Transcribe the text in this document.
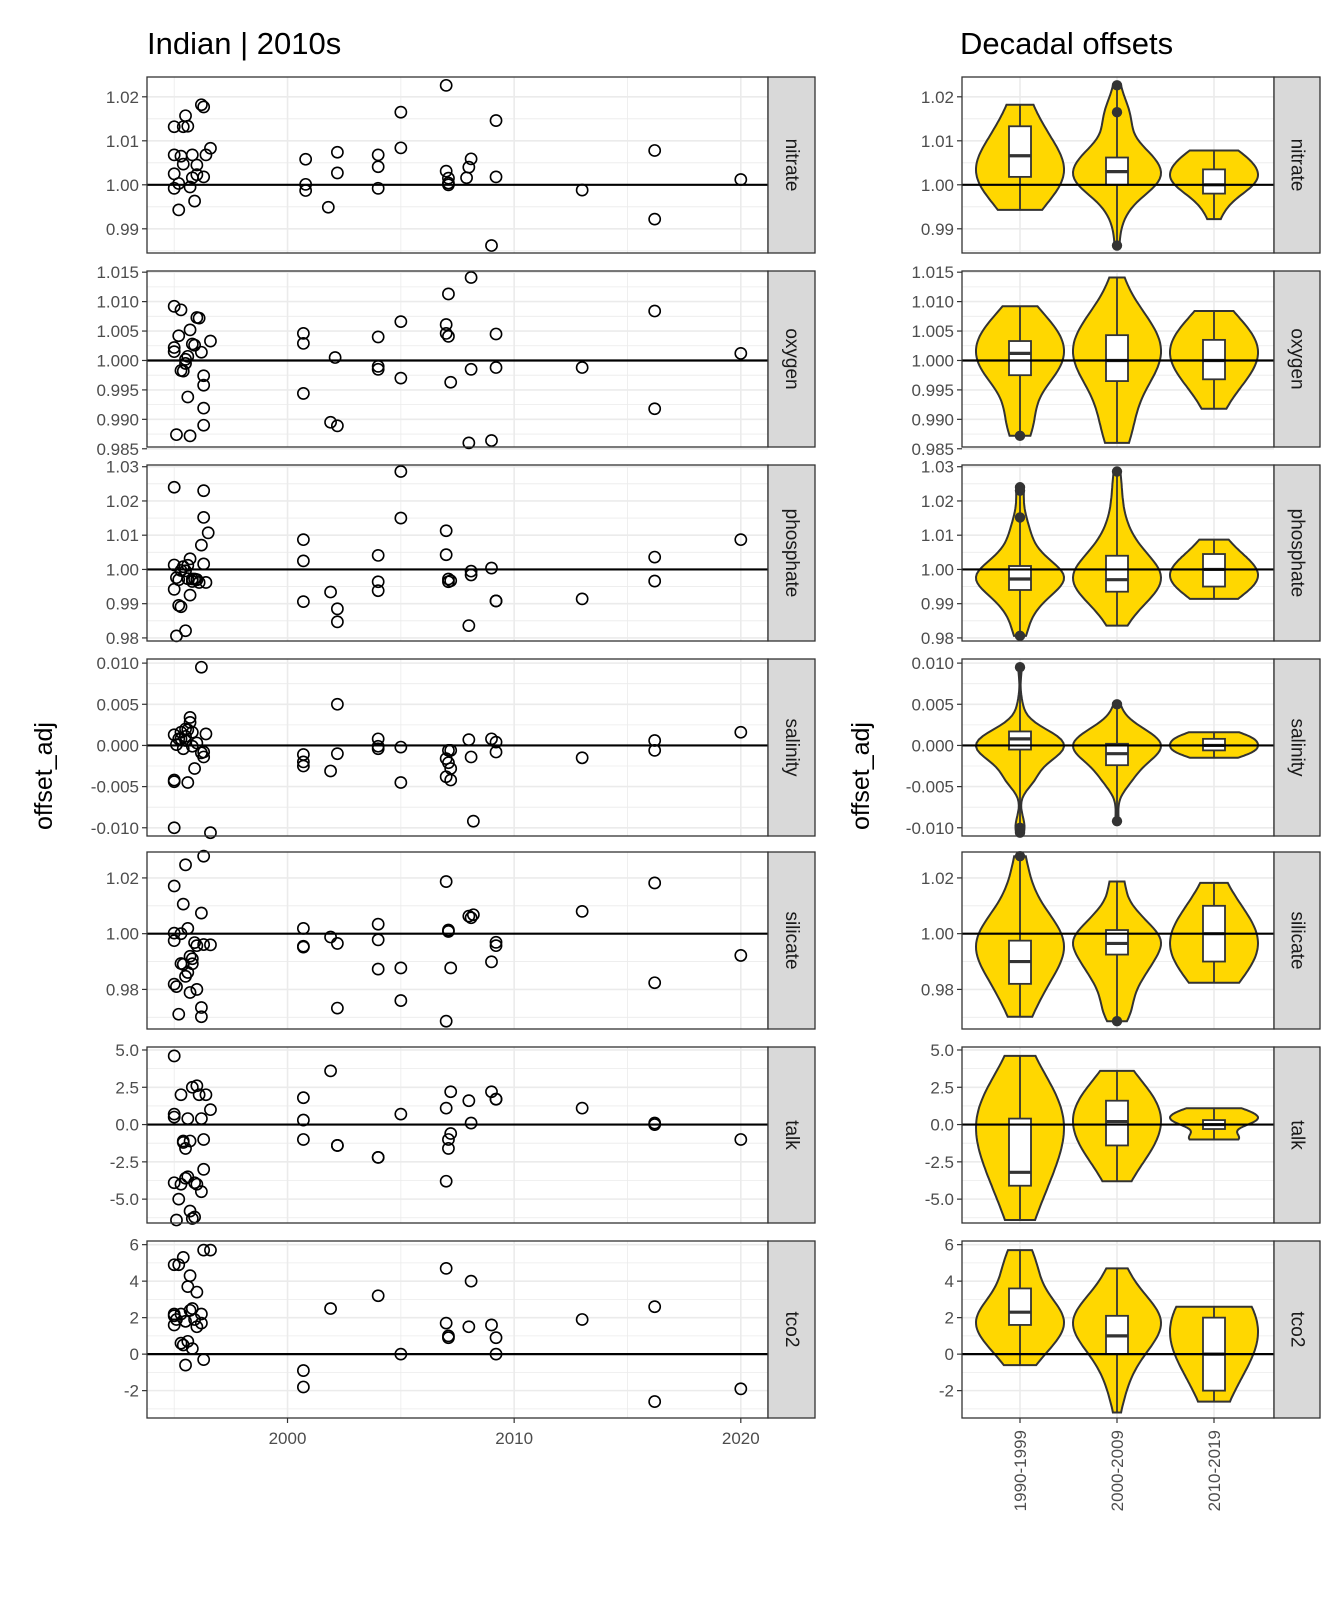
Indian | 2010s	Decadal offsets
offset_adj	offset_adj
0.99
1.00
1.01
1.02
nitrate
0.985
0.990
0.995
1.000
1.005
1.010
1.015
oxygen
0.98
0.99
1.00
1.01
1.02
1.03
phosphate
-0.010
-0.005
0.000
0.005
0.010
salinity
0.98
1.00
1.02
silicate
-5.0
-2.5
0.0
2.5
5.0
talk
-2
0
2
4
6
tco2
2000	2010	2020
0.99
1.00
1.01
1.02
nitrate
0.985
0.990
0.995
1.000
1.005
1.010
1.015
oxygen
0.98
0.99
1.00
1.01
1.02
1.03
phosphate
-0.010
-0.005
0.000
0.005
0.010
salinity
0.98
1.00
1.02
silicate
-5.0
-2.5
0.0
2.5
5.0
talk
-2
0
2
4
6
tco2
1990-1999	2000-2009	2010-2019
